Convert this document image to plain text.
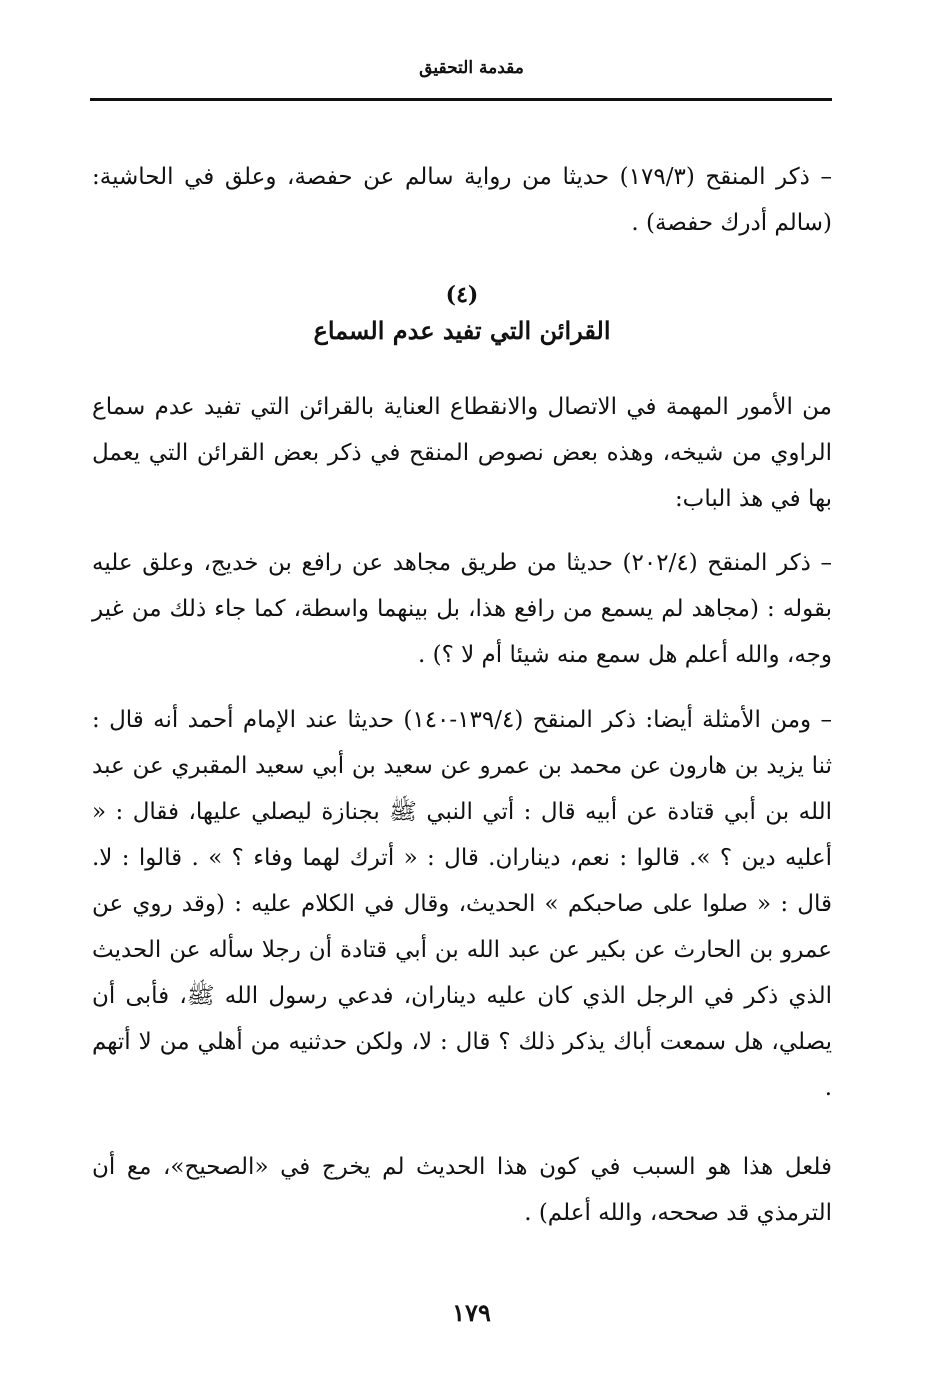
مقدمة التحقيق
– ذكر المنقح (١٧٩/٣) حديثا من رواية سالم عن حفصة، وعلق في الحاشية: (سالم أدرك حفصة) .
(٤)
القرائن التي تفيد عدم السماع
من الأمور المهمة في الاتصال والانقطاع العناية بالقرائن التي تفيد عدم سماع الراوي من شيخه، وهذه بعض نصوص المنقح في ذكر بعض القرائن التي يعمل بها في هذ الباب:
– ذكر المنقح (٢٠٢/٤) حديثا من طريق مجاهد عن رافع بن خديج، وعلق عليه بقوله : (مجاهد لم يسمع من رافع هذا، بل بينهما واسطة، كما جاء ذلك من غير وجه، والله أعلم هل سمع منه شيئا أم لا ؟) .
– ومن الأمثلة أيضا: ذكر المنقح (١٣٩/٤-١٤٠) حديثا عند الإمام أحمد أنه قال : ثنا يزيد بن هارون عن محمد بن عمرو عن سعيد بن أبي سعيد المقبري عن عبد الله بن أبي قتادة عن أبيه قال : أتي النبي ﷺ بجنازة ليصلي عليها، فقال : « أعليه دين ؟ ». قالوا : نعم، ديناران. قال : « أترك لهما وفاء ؟ » . قالوا : لا. قال : « صلوا على صاحبكم » الحديث، وقال في الكلام عليه : (وقد روي عن عمرو بن الحارث عن بكير عن عبد الله بن أبي قتادة أن رجلا سأله عن الحديث الذي ذكر في الرجل الذي كان عليه ديناران، فدعي رسول الله ﷺ، فأبى أن يصلي، هل سمعت أباك يذكر ذلك ؟ قال : لا، ولكن حدثنيه من أهلي من لا أتهم .
فلعل هذا هو السبب في كون هذا الحديث لم يخرج في «الصحيح»، مع أن الترمذي قد صححه، والله أعلم) .
١٧٩
